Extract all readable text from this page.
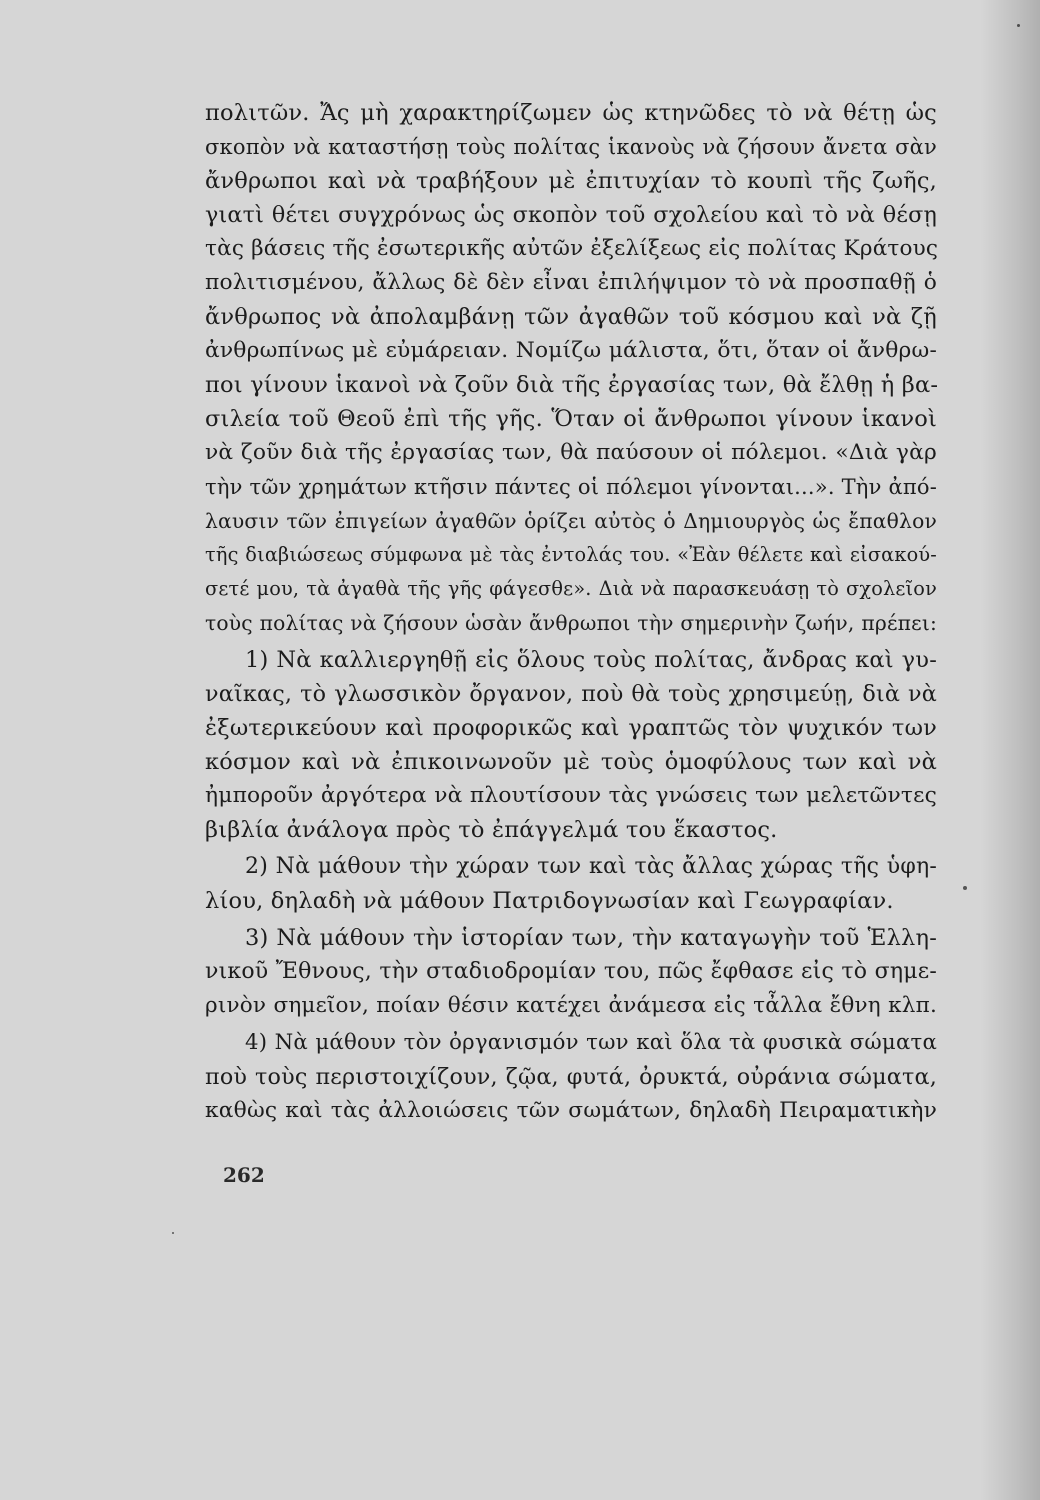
πολιτῶν. Ἄς μὴ χαρακτηρίζωμεν ὡς κτηνῶδες τὸ νὰ θέτῃ ὡς
σκοπὸν νὰ καταστήσῃ τοὺς πολίτας ἱκανοὺς νὰ ζήσουν ἄνετα σὰν
ἄνθρωποι καὶ νὰ τραβήξουν μὲ ἐπιτυχίαν τὸ κουπὶ τῆς ζωῆς,
γιατὶ θέτει συγχρόνως ὡς σκοπὸν τοῦ σχολείου καὶ τὸ νὰ θέσῃ
τὰς βάσεις τῆς ἐσωτερικῆς αὐτῶν ἐξελίξεως εἰς πολίτας Κράτους
πολιτισμένου, ἄλλως δὲ δὲν εἶναι ἐπιλήψιμον τὸ νὰ προσπαθῇ ὁ
ἄνθρωπος νὰ ἀπολαμβάνῃ τῶν ἀγαθῶν τοῦ κόσμου καὶ νὰ ζῇ
ἀνθρωπίνως μὲ εὐμάρειαν. Νομίζω μάλιστα, ὅτι, ὅταν οἱ ἄνθρω-
ποι γίνουν ἱκανοὶ νὰ ζοῦν διὰ τῆς ἐργασίας των, θὰ ἔλθῃ ἡ βα-
σιλεία τοῦ Θεοῦ ἐπὶ τῆς γῆς. Ὅταν οἱ ἄνθρωποι γίνουν ἱκανοὶ
νὰ ζοῦν διὰ τῆς ἐργασίας των, θὰ παύσουν οἱ πόλεμοι. «Διὰ γὰρ
τὴν τῶν χρημάτων κτῆσιν πάντες οἱ πόλεμοι γίνονται...». Τὴν ἀπό-
λαυσιν τῶν ἐπιγείων ἀγαθῶν ὁρίζει αὐτὸς ὁ Δημιουργὸς ὡς ἔπαθλον
τῆς διαβιώσεως σύμφωνα μὲ τὰς ἐντολάς του. «Ἐὰν θέλετε καὶ εἰσακού-
σετέ μου, τὰ ἀγαθὰ τῆς γῆς φάγεσθε». Διὰ νὰ παρασκευάσῃ τὸ σχολεῖον
τοὺς πολίτας νὰ ζήσουν ὡσὰν ἄνθρωποι τὴν σημερινὴν ζωήν, πρέπει:

1) Νὰ καλλιεργηθῇ εἰς ὅλους τοὺς πολίτας, ἄνδρας καὶ γυ-
ναῖκας, τὸ γλωσσικὸν ὄργανον, ποὺ θὰ τοὺς χρησιμεύῃ, διὰ νὰ
ἐξωτερικεύουν καὶ προφορικῶς καὶ γραπτῶς τὸν ψυχικόν των
κόσμον καὶ νὰ ἐπικοινωνοῦν μὲ τοὺς ὁμοφύλους των καὶ νὰ
ἠμποροῦν ἀργότερα νὰ πλουτίσουν τὰς γνώσεις των μελετῶντες
βιβλία ἀνάλογα πρὸς τὸ ἐπάγγελμά του ἕκαστος.

2) Νὰ μάθουν τὴν χώραν των καὶ τὰς ἄλλας χώρας τῆς ὑφη-
λίου, δηλαδὴ νὰ μάθουν Πατριδογνωσίαν καὶ Γεωγραφίαν.

3) Νὰ μάθουν τὴν ἱστορίαν των, τὴν καταγωγὴν τοῦ Ἑλλη-
νικοῦ Ἔθνους, τὴν σταδιοδρομίαν του, πῶς ἔφθασε εἰς τὸ σημε-
ρινὸν σημεῖον, ποίαν θέσιν κατέχει ἀνάμεσα εἰς τἆλλα ἔθνη κλπ.

4) Νὰ μάθουν τὸν ὀργανισμόν των καὶ ὅλα τὰ φυσικὰ σώματα
ποὺ τοὺς περιστοιχίζουν, ζῷα, φυτά, ὀρυκτά, οὐράνια σώματα,
καθὼς καὶ τὰς ἀλλοιώσεις τῶν σωμάτων, δηλαδὴ Πειραματικὴν

262
